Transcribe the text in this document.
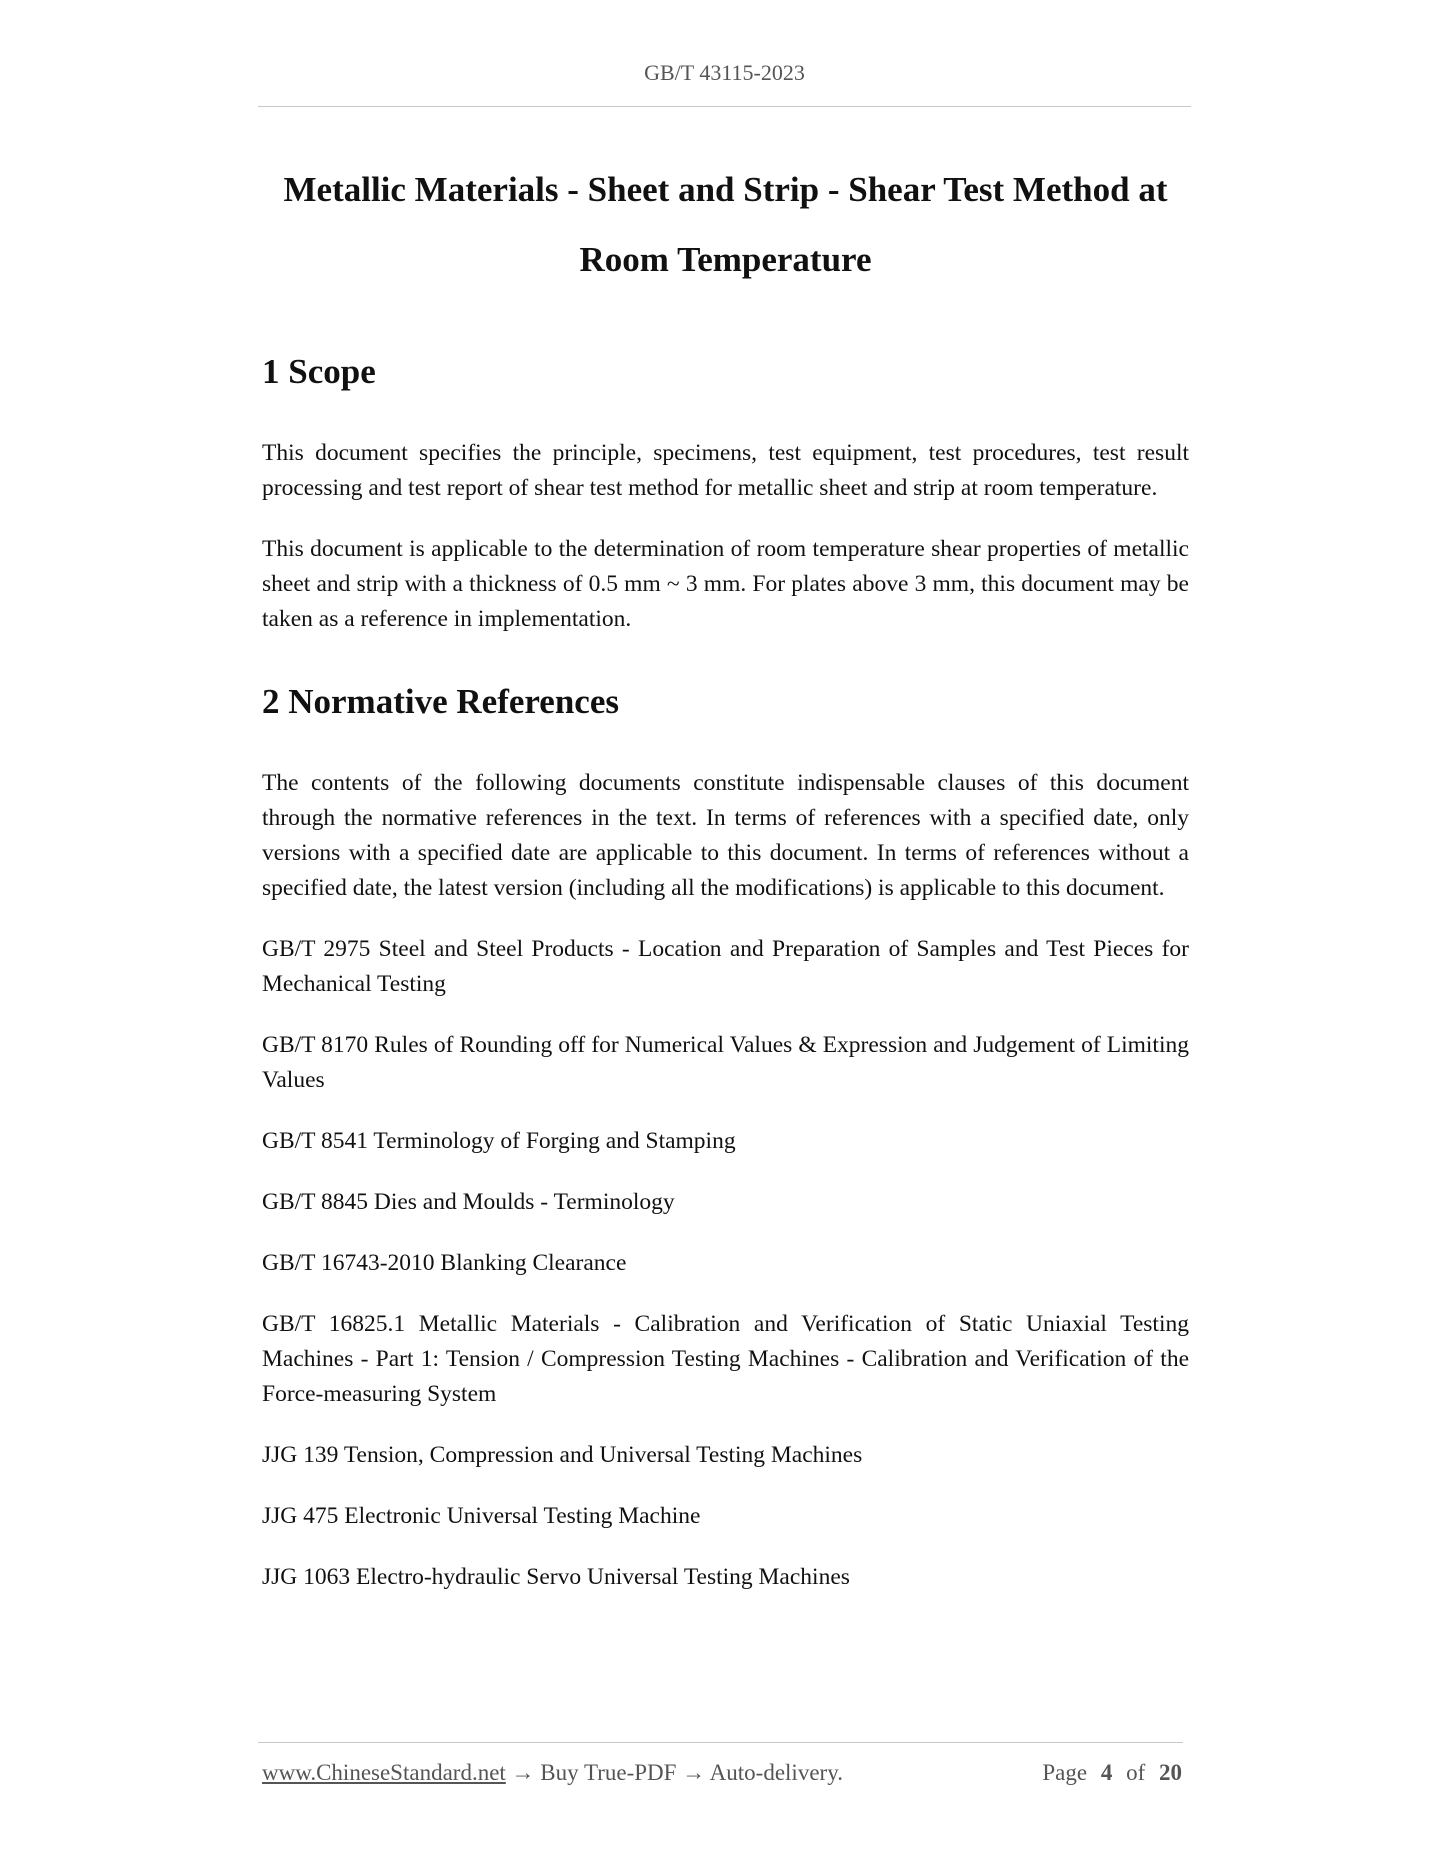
GB/T 43115-2023
Metallic Materials - Sheet and Strip - Shear Test Method at
Room Temperature
1 Scope

This document specifies the principle, specimens, test equipment, test procedures, test result processing and test report of shear test method for metallic sheet and strip at room temperature.

This document is applicable to the determination of room temperature shear properties of metallic sheet and strip with a thickness of 0.5 mm ~ 3 mm. For plates above 3 mm, this document may be taken as a reference in implementation.

2 Normative References

The contents of the following documents constitute indispensable clauses of this document through the normative references in the text. In terms of references with a specified date, only versions with a specified date are applicable to this document. In terms of references without a specified date, the latest version (including all the modifications) is applicable to this document.

GB/T 2975 Steel and Steel Products - Location and Preparation of Samples and Test Pieces for Mechanical Testing

GB/T 8170 Rules of Rounding off for Numerical Values & Expression and Judgement of Limiting Values

GB/T 8541 Terminology of Forging and Stamping

GB/T 8845 Dies and Moulds - Terminology

GB/T 16743-2010 Blanking Clearance

GB/T 16825.1 Metallic Materials - Calibration and Verification of Static Uniaxial Testing Machines - Part 1: Tension / Compression Testing Machines - Calibration and Verification of the Force-measuring System

JJG 139 Tension, Compression and Universal Testing Machines

JJG 475 Electronic Universal Testing Machine

JJG 1063 Electro-hydraulic Servo Universal Testing Machines

www.ChineseStandard.net → Buy True-PDF → Auto-delivery.	Page 4 of 20
